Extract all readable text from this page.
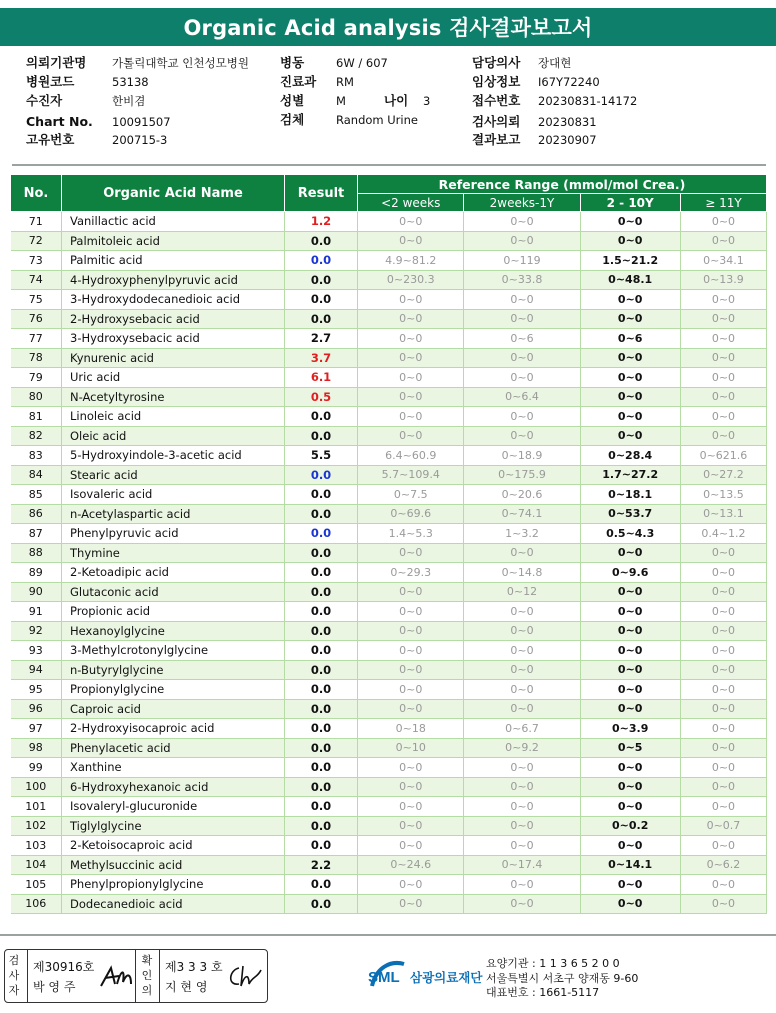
Organic Acid analysis 검사결과보고서
의뢰기관명 가톨릭대학교 인천성모병원
병원코드	53138
수진자	한비겸
Chart No. 10091507
고유번호	200715-3
병동	6W / 607
진료과 RM
성별	M	나이 3
검체	Random Urine
담당의사 장대현
임상정보 I67Y72240
접수번호 20230831-14172
검사의뢰 20230831
결과보고 20230907
No.	Organic Acid Name	Result	Reference Range (mmol/mol Crea.)			
			<2 weeks	2weeks-1Y	2 - 10Y	≥ 11Y
71	Vanillactic acid	1.2	0~0	0~0	0~0	0~0
72	Palmitoleic acid	0.0	0~0	0~0	0~0	0~0
73	Palmitic acid	0.0	4.9~81.2	0~119	1.5~21.2	0~34.1
74	4-Hydroxyphenylpyruvic acid	0.0	0~230.3	0~33.8	0~48.1	0~13.9
75	3-Hydroxydodecanedioic acid	0.0	0~0	0~0	0~0	0~0
76	2-Hydroxysebacic acid	0.0	0~0	0~0	0~0	0~0
77	3-Hydroxysebacic acid	2.7	0~0	0~6	0~6	0~0
78	Kynurenic acid	3.7	0~0	0~0	0~0	0~0
79	Uric acid	6.1	0~0	0~0	0~0	0~0
80	N-Acetyltyrosine	0.5	0~0	0~6.4	0~0	0~0
81	Linoleic acid	0.0	0~0	0~0	0~0	0~0
82	Oleic acid	0.0	0~0	0~0	0~0	0~0
83	5-Hydroxyindole-3-acetic acid	5.5	6.4~60.9	0~18.9	0~28.4	0~621.6
84	Stearic acid	0.0	5.7~109.4	0~175.9	1.7~27.2	0~27.2
85	Isovaleric acid	0.0	0~7.5	0~20.6	0~18.1	0~13.5
86	n-Acetylaspartic acid	0.0	0~69.6	0~74.1	0~53.7	0~13.1
87	Phenylpyruvic acid	0.0	1.4~5.3	1~3.2	0.5~4.3	0.4~1.2
88	Thymine	0.0	0~0	0~0	0~0	0~0
89	2-Ketoadipic acid	0.0	0~29.3	0~14.8	0~9.6	0~0
90	Glutaconic acid	0.0	0~0	0~12	0~0	0~0
91	Propionic acid	0.0	0~0	0~0	0~0	0~0
92	Hexanoylglycine	0.0	0~0	0~0	0~0	0~0
93	3-Methylcrotonylglycine	0.0	0~0	0~0	0~0	0~0
94	n-Butyrylglycine	0.0	0~0	0~0	0~0	0~0
95	Propionylglycine	0.0	0~0	0~0	0~0	0~0
96	Caproic acid	0.0	0~0	0~0	0~0	0~0
97	2-Hydroxyisocaproic acid	0.0	0~18	0~6.7	0~3.9	0~0
98	Phenylacetic acid	0.0	0~10	0~9.2	0~5	0~0
99	Xanthine	0.0	0~0	0~0	0~0	0~0
100	6-Hydroxyhexanoic acid	0.0	0~0	0~0	0~0	0~0
101	Isovaleryl-glucuronide	0.0	0~0	0~0	0~0	0~0
102	Tiglylglycine	0.0	0~0	0~0	0~0.2	0~0.7
103	2-Ketoisocaproic acid	0.0	0~0	0~0	0~0	0~0
104	Methylsuccinic acid	2.2	0~24.6	0~17.4	0~14.1	0~6.2
105	Phenylpropionylglycine	0.0	0~0	0~0	0~0	0~0
106	Dodecanedioic acid	0.0	0~0	0~0	0~0	0~0
검사자
제30916호
박 영 주
확인의
제3 3 3 호
지 현 영
SML 삼광의료재단
요양기관 : 1 1 3 6 5 2 0 0
서울특별시 서초구 양재동 9-60
대표번호 : 1661-5117
